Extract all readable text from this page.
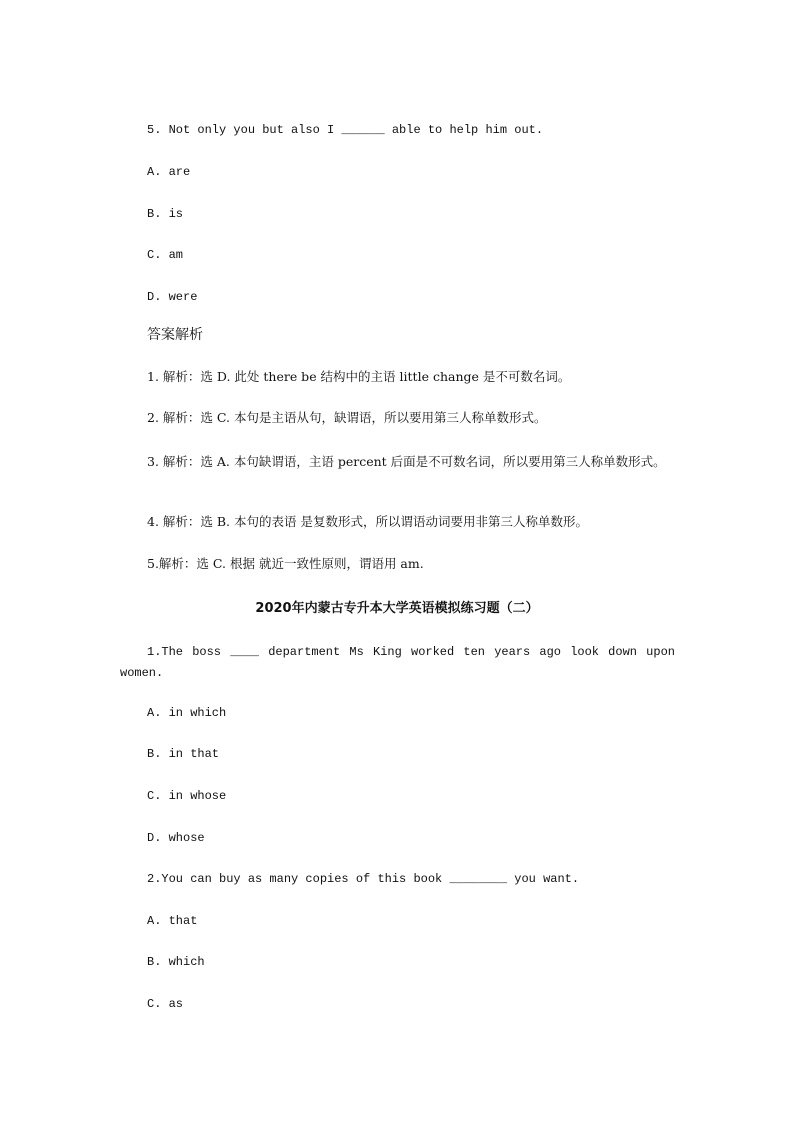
5. Not only you but also I ______ able to help him out.
A. are
B. is
C. am
D. were
答案解析
1. 解析：选 D. 此处 there be 结构中的主语 little change 是不可数名词。
2. 解析：选 C. 本句是主语从句，缺谓语，所以要用第三人称单数形式。
3. 解析：选 A. 本句缺谓语，主语 percent 后面是不可数名词，所以要用第三人称单数形式。
4. 解析：选 B. 本句的表语 是复数形式，所以谓语动词要用非第三人称单数形。
5.解析：选 C. 根据 就近一致性原则，谓语用 am.
2020年内蒙古专升本大学英语模拟练习题（二）
1.The boss ____ department Ms King worked ten years ago look down upon women.
A. in which
B. in that
C. in whose
D. whose
2.You can buy as many copies of this book ________ you want.
A. that
B. which
C. as
